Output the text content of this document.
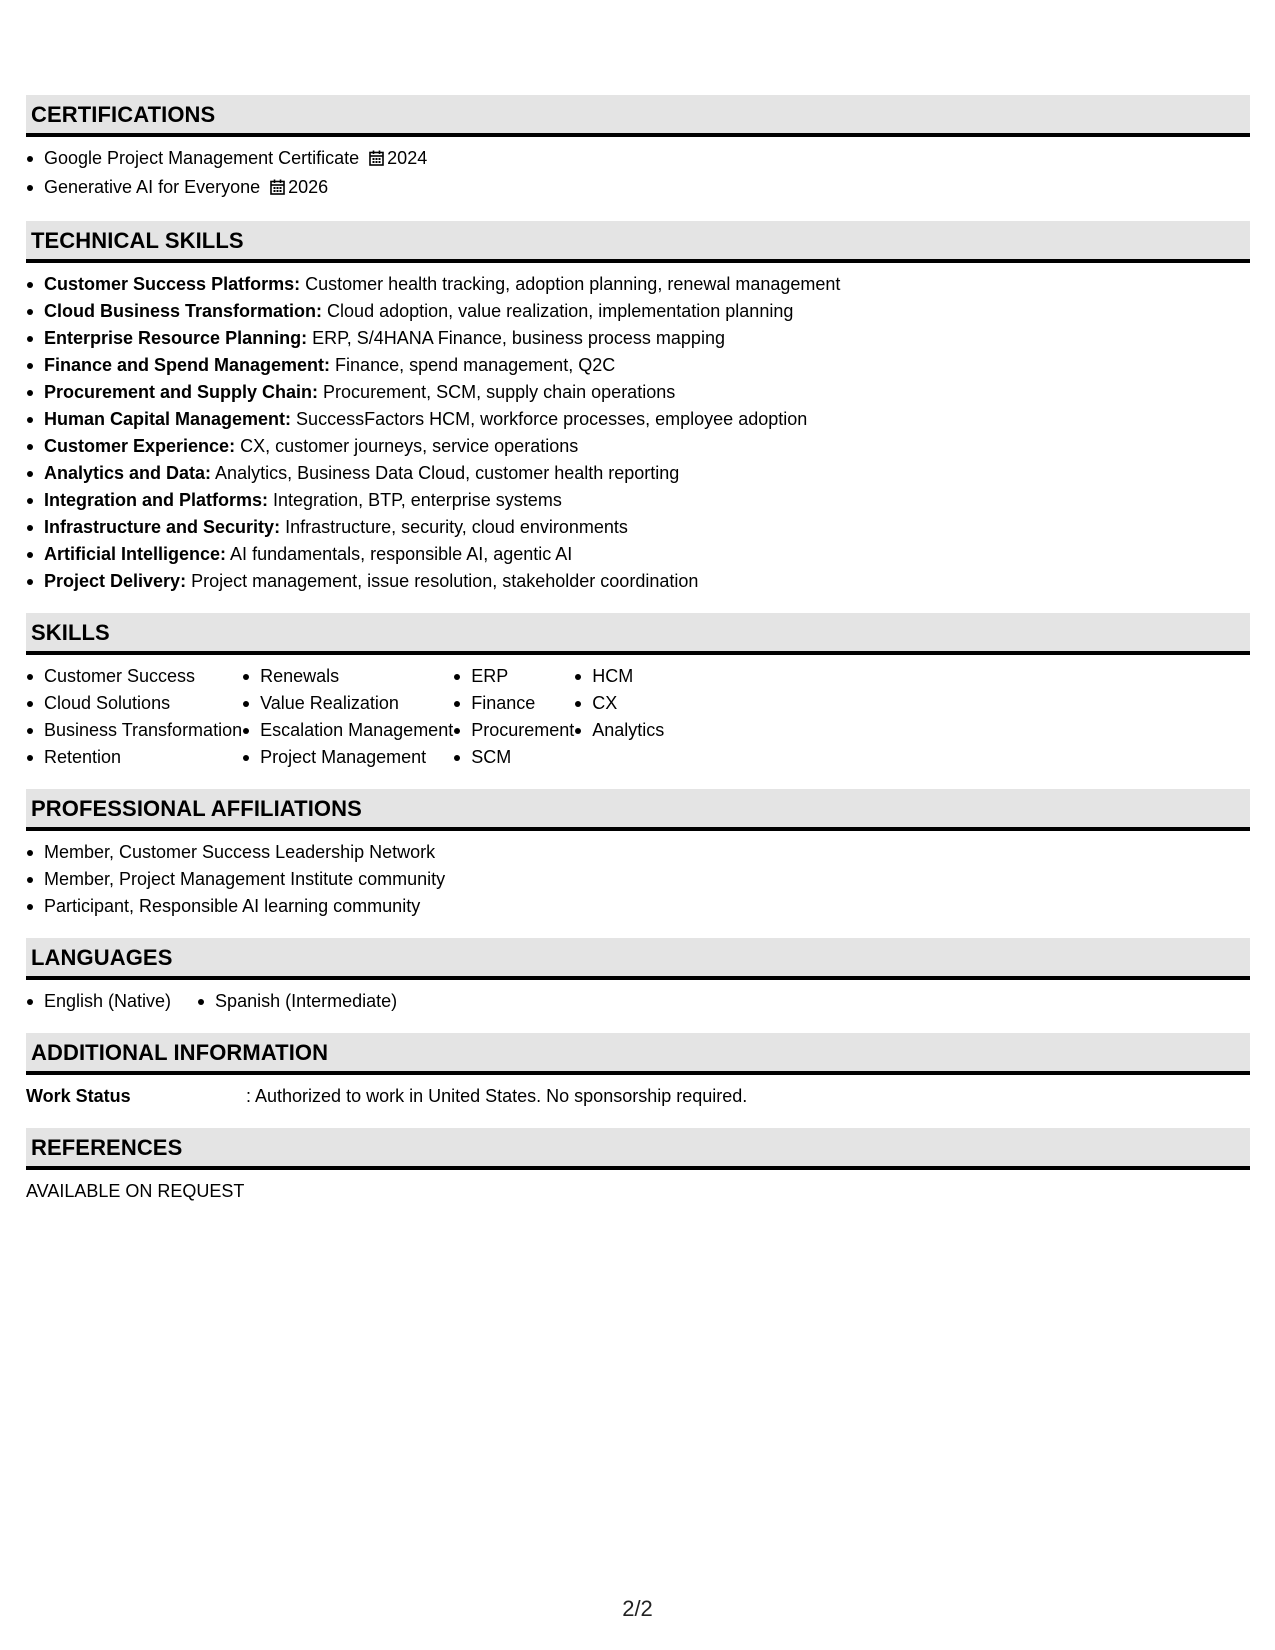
CERTIFICATIONS
Google Project Management Certificate 2024
Generative AI for Everyone 2026
TECHNICAL SKILLS
Customer Success Platforms: Customer health tracking, adoption planning, renewal management
Cloud Business Transformation: Cloud adoption, value realization, implementation planning
Enterprise Resource Planning: ERP, S/4HANA Finance, business process mapping
Finance and Spend Management: Finance, spend management, Q2C
Procurement and Supply Chain: Procurement, SCM, supply chain operations
Human Capital Management: SuccessFactors HCM, workforce processes, employee adoption
Customer Experience: CX, customer journeys, service operations
Analytics and Data: Analytics, Business Data Cloud, customer health reporting
Integration and Platforms: Integration, BTP, enterprise systems
Infrastructure and Security: Infrastructure, security, cloud environments
Artificial Intelligence: AI fundamentals, responsible AI, agentic AI
Project Delivery: Project management, issue resolution, stakeholder coordination
SKILLS
Customer Success
Cloud Solutions
Business Transformation
Retention
Renewals
Value Realization
Escalation Management
Project Management
ERP
Finance
Procurement
SCM
HCM
CX
Analytics
PROFESSIONAL AFFILIATIONS
Member, Customer Success Leadership Network
Member, Project Management Institute community
Participant, Responsible AI learning community
LANGUAGES
English (Native) Spanish (Intermediate)
ADDITIONAL INFORMATION
Work Status	: Authorized to work in United States. No sponsorship required.
REFERENCES
AVAILABLE ON REQUEST
2/2
